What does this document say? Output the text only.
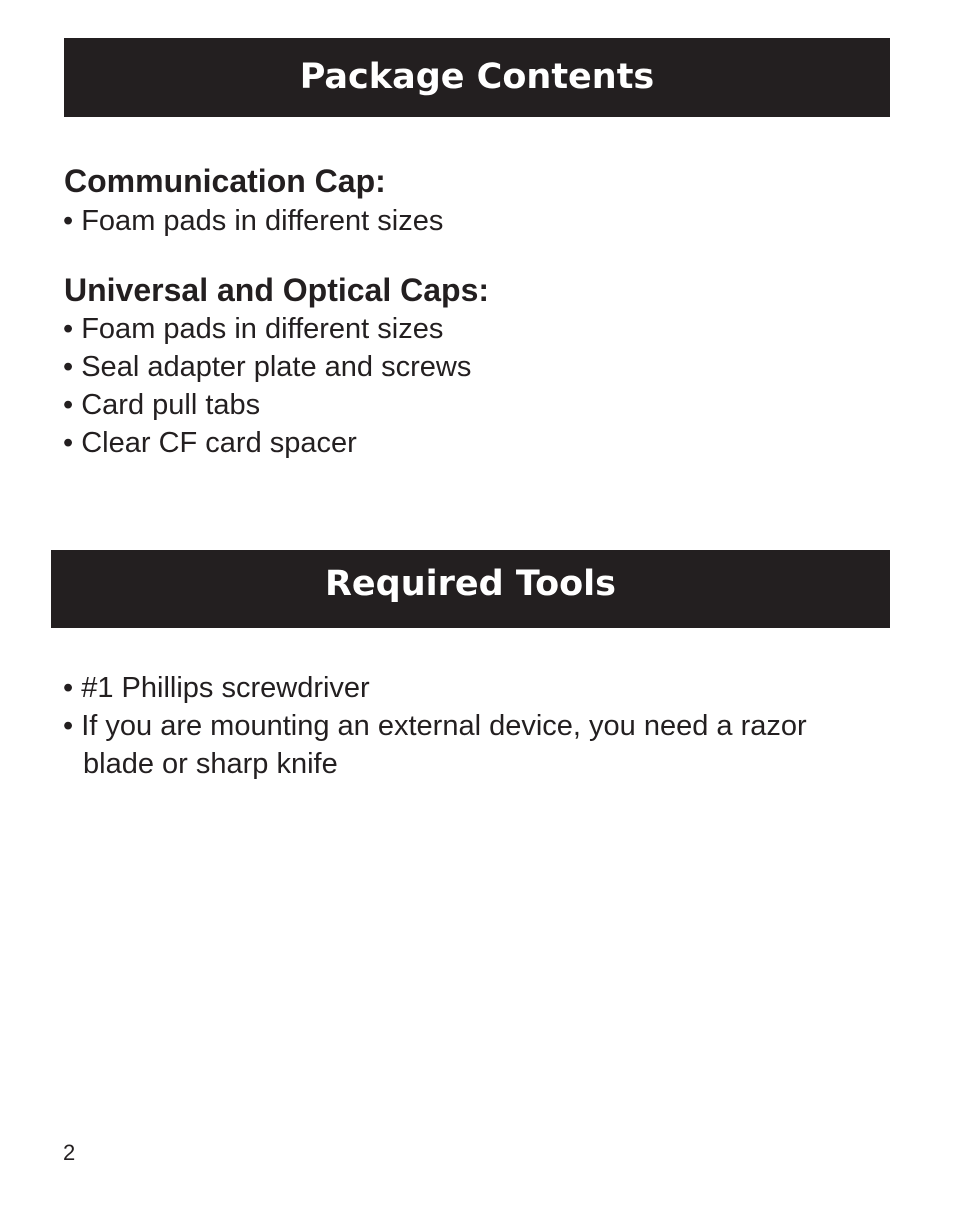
Package Contents
Communication Cap:
• Foam pads in different sizes
Universal and Optical Caps:
• Foam pads in different sizes
• Seal adapter plate and screws
• Card pull tabs
• Clear CF card spacer
Required Tools
• #1 Phillips screwdriver
• If you are mounting an external device, you need a razor blade or sharp knife
2
